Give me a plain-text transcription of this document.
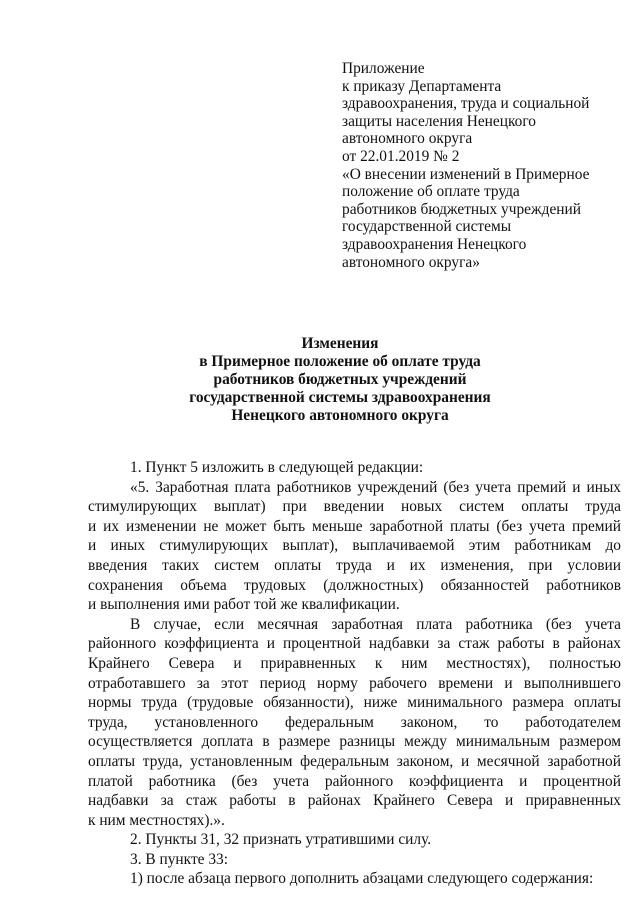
Приложение
к приказу Департамента
здравоохранения, труда и социальной
защиты населения Ненецкого
автономного округа
от 22.01.2019 № 2
«О внесении изменений в Примерное
положение об оплате труда
работников бюджетных учреждений
государственной системы
здравоохранения Ненецкого
автономного округа»
Изменения
в Примерное положение об оплате труда
работников бюджетных учреждений
государственной системы здравоохранения
Ненецкого автономного округа
1. Пункт 5 изложить в следующей редакции:
«5. Заработная плата работников учреждений (без учета премий и иных
стимулирующих выплат) при введении новых систем оплаты труда
и их изменении не может быть меньше заработной платы (без учета премий
и иных стимулирующих выплат), выплачиваемой этим работникам до
введения таких систем оплаты труда и их изменения, при условии
сохранения объема трудовых (должностных) обязанностей работников
и выполнения ими работ той же квалификации.
В случае, если месячная заработная плата работника (без учета
районного коэффициента и процентной надбавки за стаж работы в районах
Крайнего Севера и приравненных к ним местностях), полностью
отработавшего за этот период норму рабочего времени и выполнившего
нормы труда (трудовые обязанности), ниже минимального размера оплаты
труда, установленного федеральным законом, то работодателем
осуществляется доплата в размере разницы между минимальным размером
оплаты труда, установленным федеральным законом, и месячной заработной
платой работника (без учета районного коэффициента и процентной
надбавки за стаж работы в районах Крайнего Севера и приравненных
к ним местностях).».
2. Пункты 31, 32 признать утратившими силу.
3. В пункте 33:
1) после абзаца первого дополнить абзацами следующего содержания:
